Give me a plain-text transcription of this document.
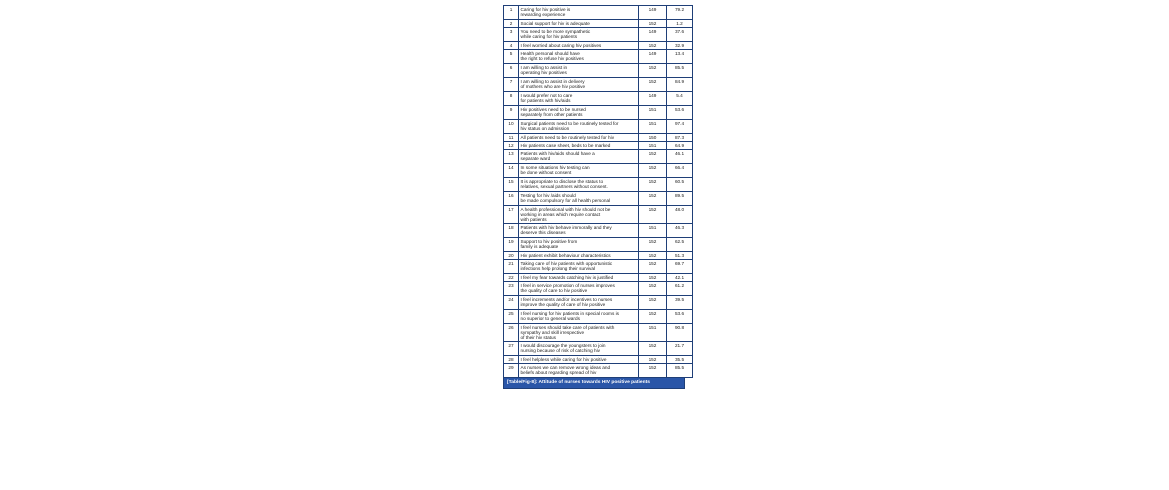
1	Caring for hiv positive is
rewarding experience	149	79.2
2	Social support for hiv is adequate	152	1.2
3	You need to be more sympathetic
while caring for hiv patients	149	37.6
4	I feel worried about caring hiv positives	152	32.9
5	Health personal should have
the right to refuse hiv positives	149	13.4
6	I am willing to assist in
operating hiv positives	152	85.5
7	I am willing to assist in delivery
of mothers who are hiv positive	152	84.9
8	I would prefer not to care
for patients with hiv/aids	149	5.4
9	Hiv positives need to be nursed
separately from other patients	151	53.6
10	Surgical patients need to be routinely tested for
hiv status on admission	151	97.4
11	All patients need to be routinely tested for hiv	150	87.3
12	Hiv patients case sheet, beds to be marked	151	64.9
13	Patients with hiv/aids should have a
separate ward	152	46.1
14	In some situations hiv testing can
be done without consent	152	66.4
15	It is appropriate to disclose the status to
relatives, sexual partners without consent.	152	60.5
16	Testing for hiv /aids should
be made compulsory for all health personal	152	89.5
17	A health professional with hiv should not be
working in areas which require contact
with patients	152	48.0
18	Patients with hiv behave immorally and they
deserve this diseases	151	46.3
19	Support to hiv positive from
family is adequate	152	62.5
20	Hiv patient exhibit behaviour characteristics	152	51.3
21	Taking care of hiv patients with opportunistic
infections help prolong their survival	152	69.7
22	I feel my fear towards catching hiv is justified	152	42.1
23	I feel in service promotion of nurses improves
the quality of care to hiv positive	152	61.2
24	I feel increments and/or incentives to nurses
improve the quality of care of hiv positive	152	39.5
25	I feel nursing for hiv patients in special rooms is
no superior to general wards	152	53.6
26	I feel nurses should take care of patients with
sympathy and skill irrespective
of their hiv status	151	90.8
27	I would discourage the youngsters to join
nursing because of risk of catching hiv	152	21.7
28	I feel helpless while caring for hiv positive	152	35.5
29	As nurses we can remove wrong ideas and
beliefs about regarding spread of hiv	152	85.5
[Table/Fig-8]: Attitude of nurses towards HIV positive patients
